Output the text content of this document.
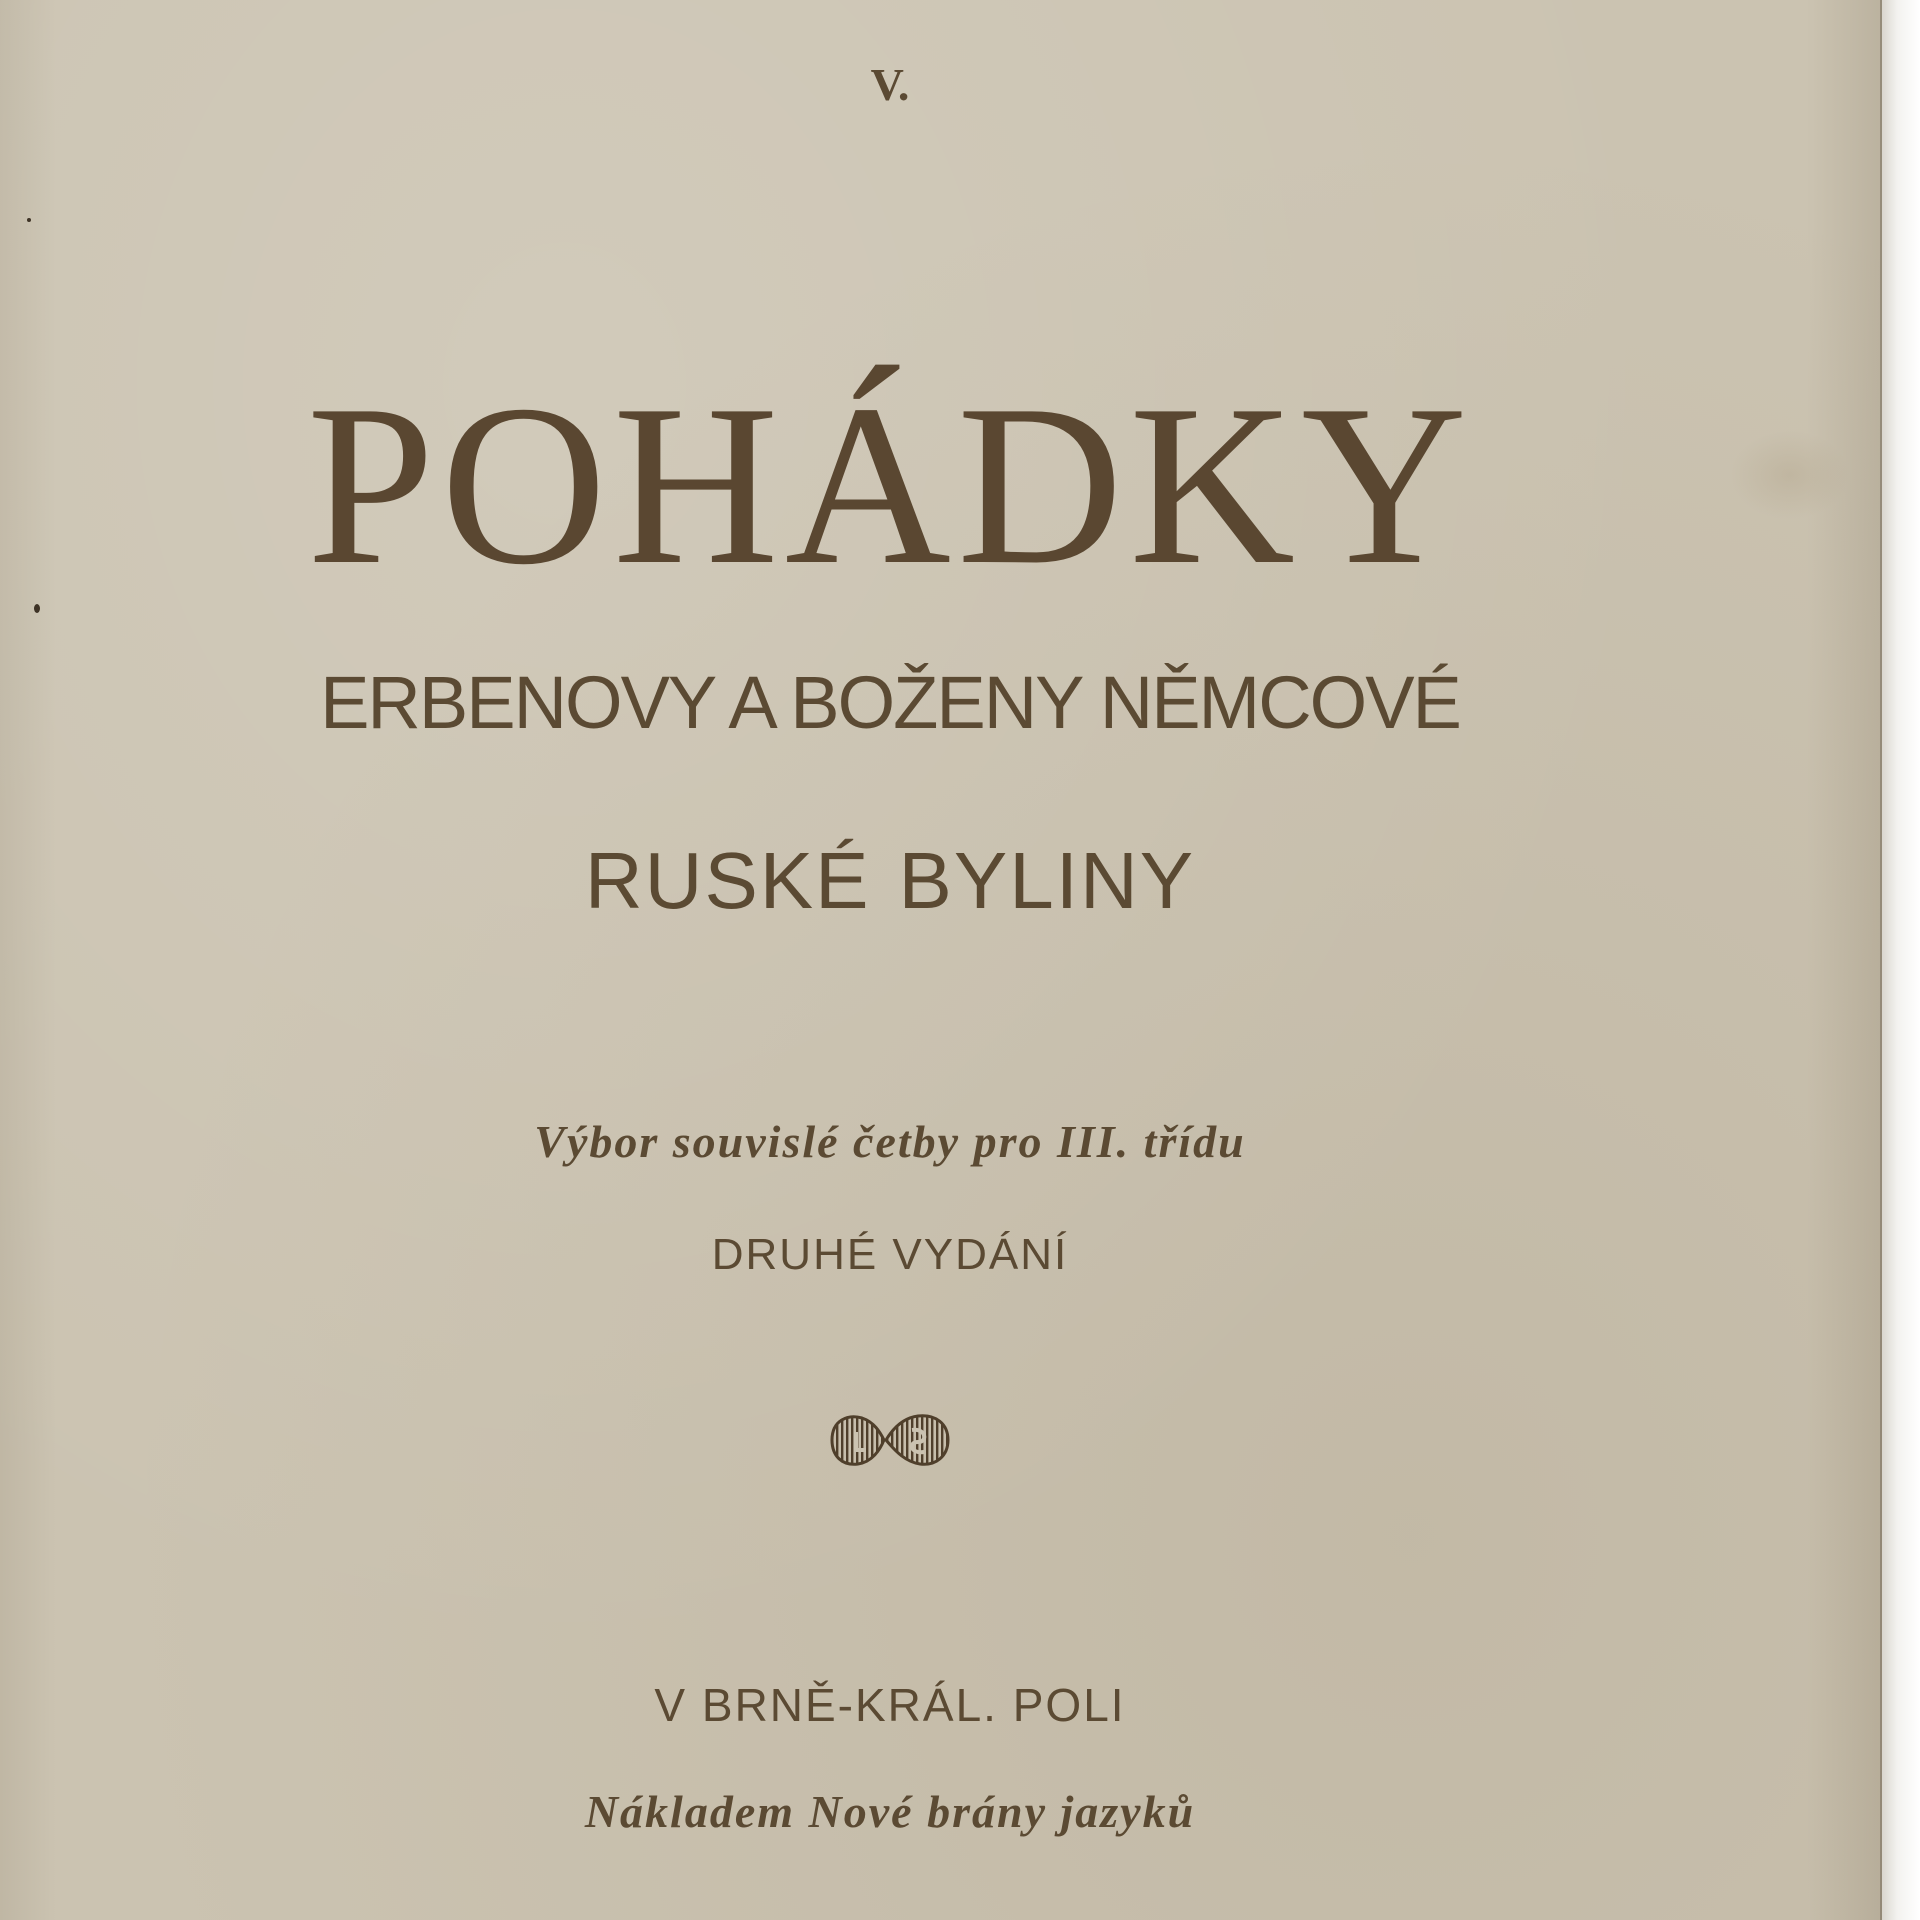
V.
POHÁDKY
ERBENOVY A BOŽENY NĚMCOVÉ
RUSKÉ BYLINY
Výbor souvislé četby pro III. třídu
DRUHÉ VYDÁNÍ
V BRNĚ-KRÁL. POLI
Nákladem Nové brány jazyků
